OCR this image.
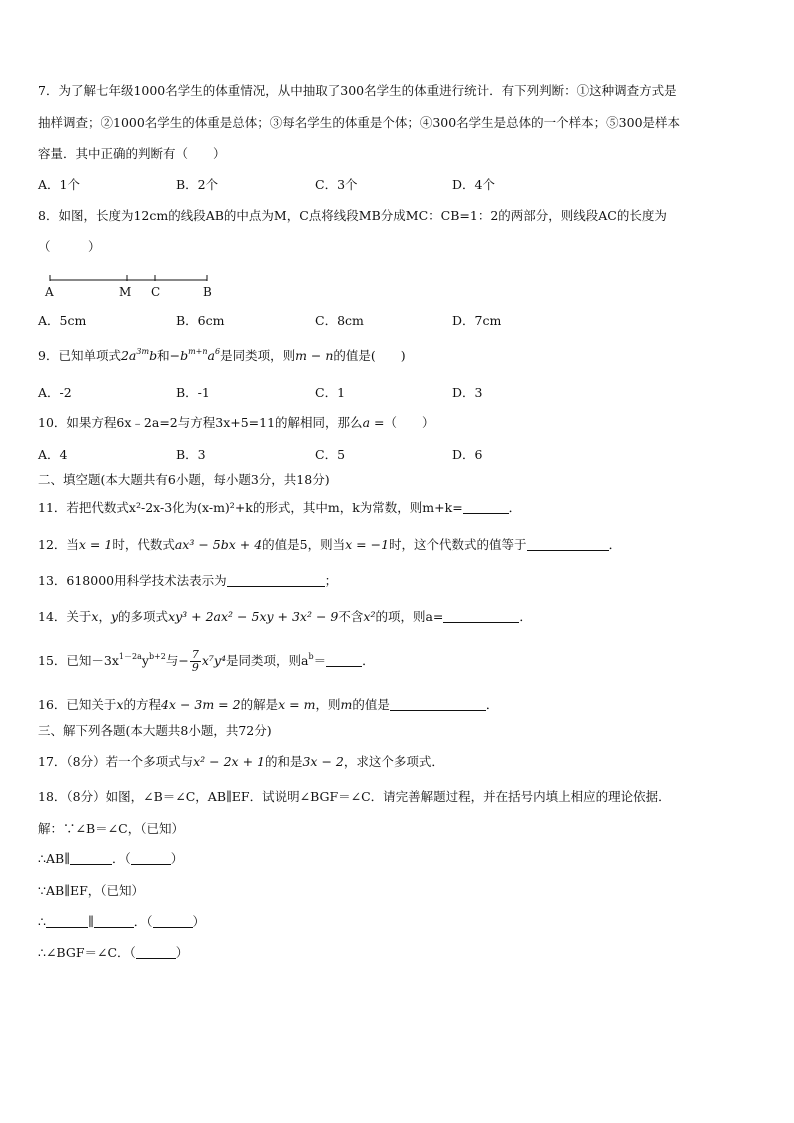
7．为了解七年级1000名学生的体重情况，从中抽取了300名学生的体重进行统计．有下列判断：①这种调查方式是
抽样调查；②1000名学生的体重是总体；③每名学生的体重是个体；④300名学生是总体的一个样本；⑤300是样本
容量．其中正确的判断有（　　）
A．1个	B．2个	C．3个	D．4个
8．如图，长度为12cm的线段AB的中点为M，C点将线段MB分成MC：CB=1：2的两部分，则线段AC的长度为
（　　　）
A	M C	B
A．5cm	B．6cm	C．8cm	D．7cm
9．已知单项式$2a^{3m}b$和$-b^{m+n}a^6$是同类项，则m − n的值是(　　)
A．-2	B．-1	C．1	D．3
10．如果方程6x﹣2a=2与方程3x+5=11的解相同，那么a =（　　）
A．4	B．3	C．5	D．6
二、填空题(本大题共有6小题，每小题3分，共18分)
11．若把代数式x²-2x-3化为(x-m)²+k的形式，其中m，k为常数，则m+k=	．
12．当x = 1时，代数式ax³ − 5bx + 4的值是5，则当x = −1时，这个代数式的值等于	．
13．618000用科学技术法表示为	；
14．关于x，y的多项式xy³ + 2ax² − 5xy + 3x² − 9不含x²的项，则a=	．
15．已知$-3x^{1-2a}y^{b+2}$与− $\frac{7}{9} x^7y^4$是同类项，则$a^b=$	．
16．已知关于x的方程4x − 3m = 2的解是x = m，则m的值是	．
三、解下列各题(本大题共8小题，共72分)
17．（8分）若一个多项式与x² − 2x + 1的和是3x − 2，求这个多项式．
18．（8分）如图，∠B＝∠C，AB∥EF．试说明∠BGF＝∠C．请完善解题过程，并在括号内填上相应的理论依据．
解：∵∠B＝∠C，（已知）
∴AB∥	．（	）
∵AB∥EF，（已知）
∴	∥	．（	）
∴∠BGF＝∠C．（	）
